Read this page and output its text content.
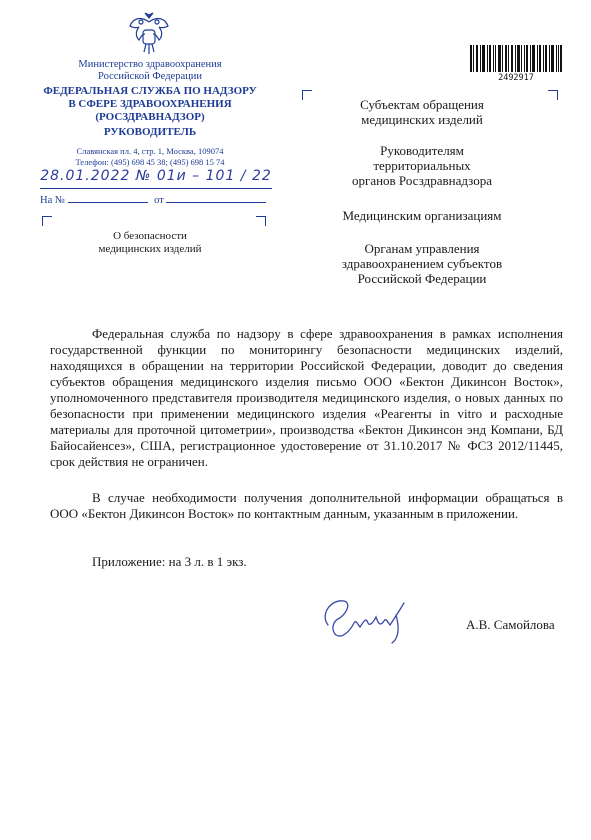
Министерство здравоохранения
Российской Федерации
ФЕДЕРАЛЬНАЯ СЛУЖБА ПО НАДЗОРУ
В СФЕРЕ ЗДРАВООХРАНЕНИЯ
(РОСЗДРАВНАДЗОР)
РУКОВОДИТЕЛЬ
Славянская пл. 4, стр. 1, Москва, 109074
Телефон: (495) 698 45 38; (495) 698 15 74
28.01.2022 № 01и – 101 / 22
На №	от
О безопасности
медицинских изделий
2492917
Субъектам обращения
медицинских изделий
Руководителям
территориальных
органов Росздравнадзора
Медицинским организациям
Органам управления
здравоохранением субъектов
Российской Федерации
Федеральная служба по надзору в сфере здравоохранения в рамках исполнения государственной функции по мониторингу безопасности медицинских изделий, находящихся в обращении на территории Российской Федерации, доводит до сведения субъектов обращения медицинского изделия письмо ООО «Бектон Дикинсон Восток», уполномоченного представителя производителя медицинского изделия, о новых данных по безопасности при применении медицинского изделия «Реагенты in vitro и расходные материалы для проточной цитометрии», производства «Бектон Дикинсон энд Компани, БД Байосайенсез», США, регистрационное удостоверение от 31.10.2017 № ФСЗ 2012/11445, срок действия не ограничен.
В случае необходимости получения дополнительной информации обращаться в ООО «Бектон Дикинсон Восток» по контактным данным, указанным в приложении.
Приложение: на 3 л. в 1 экз.
А.В. Самойлова
